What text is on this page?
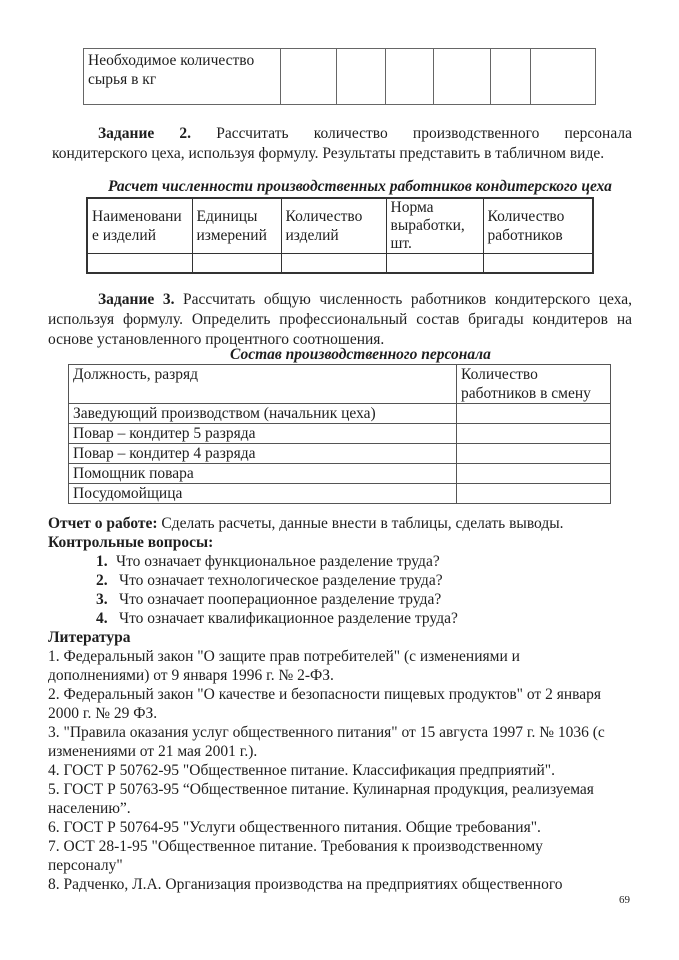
Необходимое количество сырья в кг						
Задание 2. Рассчитать количество производственного персонала
кондитерского цеха, используя формулу. Результаты представить в табличном виде.
Расчет численности производственных работников кондитерского цеха
Наименовани е изделий	Единицы измерений	Количество изделий	Норма выработки, шт.	Количество работников

Задание 3. Рассчитать общую численность работников кондитерского цеха,
используя формулу. Определить профессиональный состав бригады кондитеров на
основе установленного процентного соотношения.
Состав производственного персонала
Должность, разряд	Количество работников в смену
Заведующий производством (начальник цеха)	
Повар – кондитер 5 разряда	
Повар – кондитер 4 разряда	
Помощник повара	
Посудомойщица	
Отчет о работе: Сделать расчеты, данные внести в таблицы, сделать выводы.
Контрольные вопросы:
1. Что означает функциональное разделение труда?
2. Что означает технологическое разделение труда?
3. Что означает пооперационное разделение труда?
4. Что означает квалификационное разделение труда?
Литература
1. Федеральный закон "О защите прав потребителей" (с изменениями и
дополнениями) от 9 января 1996 г. № 2-ФЗ.
2. Федеральный закон "О качестве и безопасности пищевых продуктов" от 2 января
2000 г. № 29 ФЗ.
3. "Правила оказания услуг общественного питания" от 15 августа 1997 г. № 1036 (с
изменениями от 21 мая 2001 г.).
4. ГОСТ Р 50762-95 "Общественное питание. Классификация предприятий".
5. ГОСТ Р 50763-95 “Общественное питание. Кулинарная продукция, реализуемая
населению”.
6. ГОСТ Р 50764-95 "Услуги общественного питания. Общие требования".
7. ОСТ 28-1-95 "Общественное питание. Требования к производственному
персоналу"
8. Радченко, Л.А. Организация производства на предприятиях общественного
69
